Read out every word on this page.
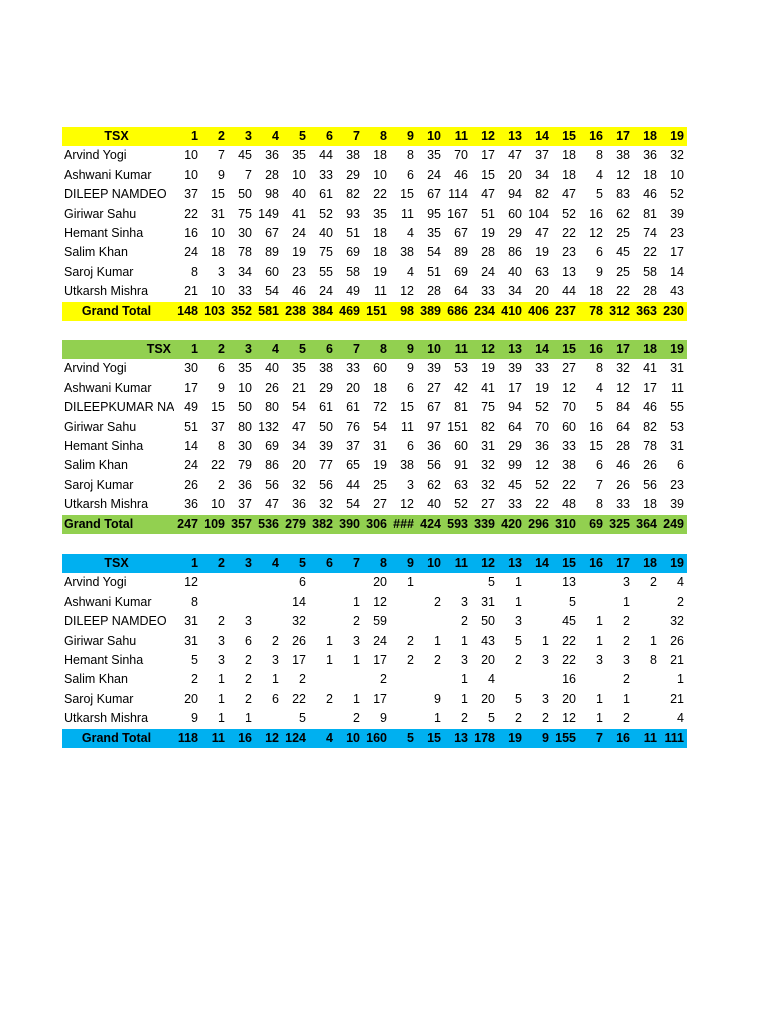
TSX	1	2	3	4	5	6	7	8	9	10	11	12	13	14	15	16	17	18	19
Arvind Yogi	10	7	45	36	35	44	38	18	8	35	70	17	47	37	18	8	38	36	32
Ashwani Kumar	10	9	7	28	10	33	29	10	6	24	46	15	20	34	18	4	12	18	10
DILEEP NAMDEO	37	15	50	98	40	61	82	22	15	67	114	47	94	82	47	5	83	46	52
Giriwar Sahu	22	31	75	149	41	52	93	35	11	95	167	51	60	104	52	16	62	81	39
Hemant Sinha	16	10	30	67	24	40	51	18	4	35	67	19	29	47	22	12	25	74	23
Salim Khan	24	18	78	89	19	75	69	18	38	54	89	28	86	19	23	6	45	22	17
Saroj Kumar	8	3	34	60	23	55	58	19	4	51	69	24	40	63	13	9	25	58	14
Utkarsh Mishra	21	10	33	54	46	24	49	11	12	28	64	33	34	20	44	18	22	28	43
Grand Total	148	103	352	581	238	384	469	151	98	389	686	234	410	406	237	78	312	363	230
TSX	1	2	3	4	5	6	7	8	9	10	11	12	13	14	15	16	17	18	19
Arvind Yogi	30	6	35	40	35	38	33	60	9	39	53	19	39	33	27	8	32	41	31
Ashwani Kumar	17	9	10	26	21	29	20	18	6	27	42	41	17	19	12	4	12	17	11
DILEEPKUMAR NA	49	15	50	80	54	61	61	72	15	67	81	75	94	52	70	5	84	46	55
Giriwar Sahu	51	37	80	132	47	50	76	54	11	97	151	82	64	70	60	16	64	82	53
Hemant Sinha	14	8	30	69	34	39	37	31	6	36	60	31	29	36	33	15	28	78	31
Salim Khan	24	22	79	86	20	77	65	19	38	56	91	32	99	12	38	6	46	26	6
Saroj Kumar	26	2	36	56	32	56	44	25	3	62	63	32	45	52	22	7	26	56	23
Utkarsh Mishra	36	10	37	47	36	32	54	27	12	40	52	27	33	22	48	8	33	18	39
Grand Total	247	109	357	536	279	382	390	306	###	424	593	339	420	296	310	69	325	364	249
TSX	1	2	3	4	5	6	7	8	9	10	11	12	13	14	15	16	17	18	19
Arvind Yogi	12				6			20	1			5	1		13		3	2	4
Ashwani Kumar	8				14		1	12		2	3	31	1		5		1		2
DILEEP NAMDEO	31	2	3		32		2	59			2	50	3		45	1	2		32
Giriwar Sahu	31	3	6	2	26	1	3	24	2	1	1	43	5	1	22	1	2	1	26
Hemant Sinha	5	3	2	3	17	1	1	17	2	2	3	20	2	3	22	3	3	8	21
Salim Khan	2	1	2	1	2			2			1	4			16		2		1
Saroj Kumar	20	1	2	6	22	2	1	17		9	1	20	5	3	20	1	1		21
Utkarsh Mishra	9	1	1		5		2	9		1	2	5	2	2	12	1	2		4
Grand Total	118	11	16	12	124	4	10	160	5	15	13	178	19	9	155	7	16	11	111
